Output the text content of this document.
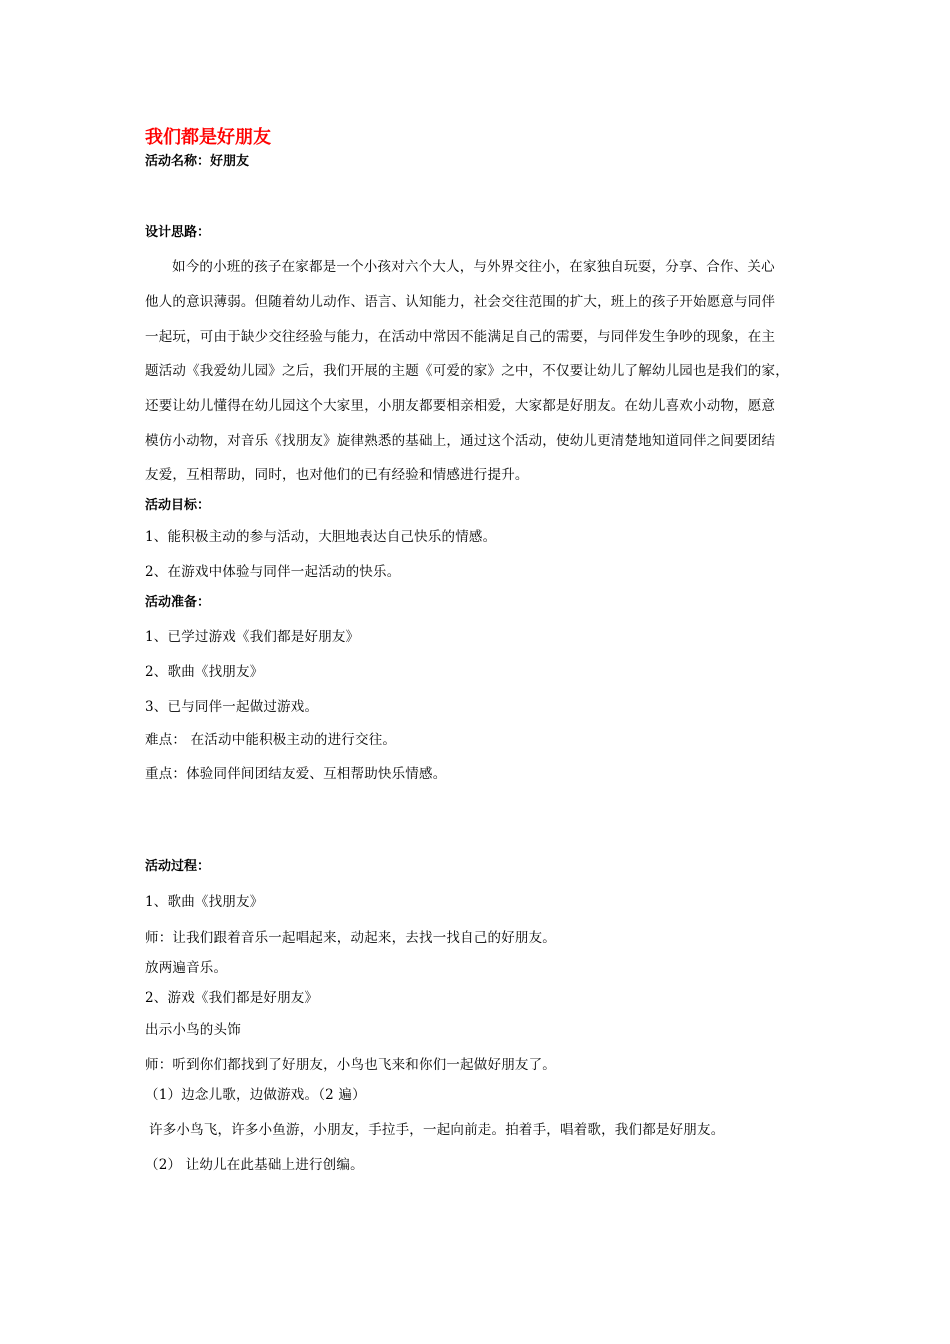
我们都是好朋友
活动名称：好朋友
设计思路：
如今的小班的孩子在家都是一个小孩对六个大人，与外界交往小，在家独自玩耍，分享、合作、关心
他人的意识薄弱。但随着幼儿动作、语言、认知能力，社会交往范围的扩大，班上的孩子开始愿意与同伴
一起玩，可由于缺少交往经验与能力，在活动中常因不能满足自己的需要，与同伴发生争吵的现象，在主
题活动《我爱幼儿园》之后，我们开展的主题《可爱的家》之中，不仅要让幼儿了解幼儿园也是我们的家，
还要让幼儿懂得在幼儿园这个大家里，小朋友都要相亲相爱，大家都是好朋友。在幼儿喜欢小动物，愿意
模仿小动物，对音乐《找朋友》旋律熟悉的基础上，通过这个活动，使幼儿更清楚地知道同伴之间要团结
友爱，互相帮助，同时，也对他们的已有经验和情感进行提升。
活动目标：
1、能积极主动的参与活动，大胆地表达自己快乐的情感。
2、在游戏中体验与同伴一起活动的快乐。
活动准备：
1、已学过游戏《我们都是好朋友》
2、歌曲《找朋友》
3、已与同伴一起做过游戏。
难点： 在活动中能积极主动的进行交往。
重点：体验同伴间团结友爱、互相帮助快乐情感。
活动过程：
1、歌曲《找朋友》
师：让我们跟着音乐一起唱起来，动起来，去找一找自己的好朋友。
放两遍音乐。
2、游戏《我们都是好朋友》
出示小鸟的头饰
师：听到你们都找到了好朋友，小鸟也飞来和你们一起做好朋友了。
（1）边念儿歌，边做游戏。（2 遍）
许多小鸟飞，许多小鱼游，小朋友，手拉手，一起向前走。拍着手，唱着歌，我们都是好朋友。
（2） 让幼儿在此基础上进行创编。
